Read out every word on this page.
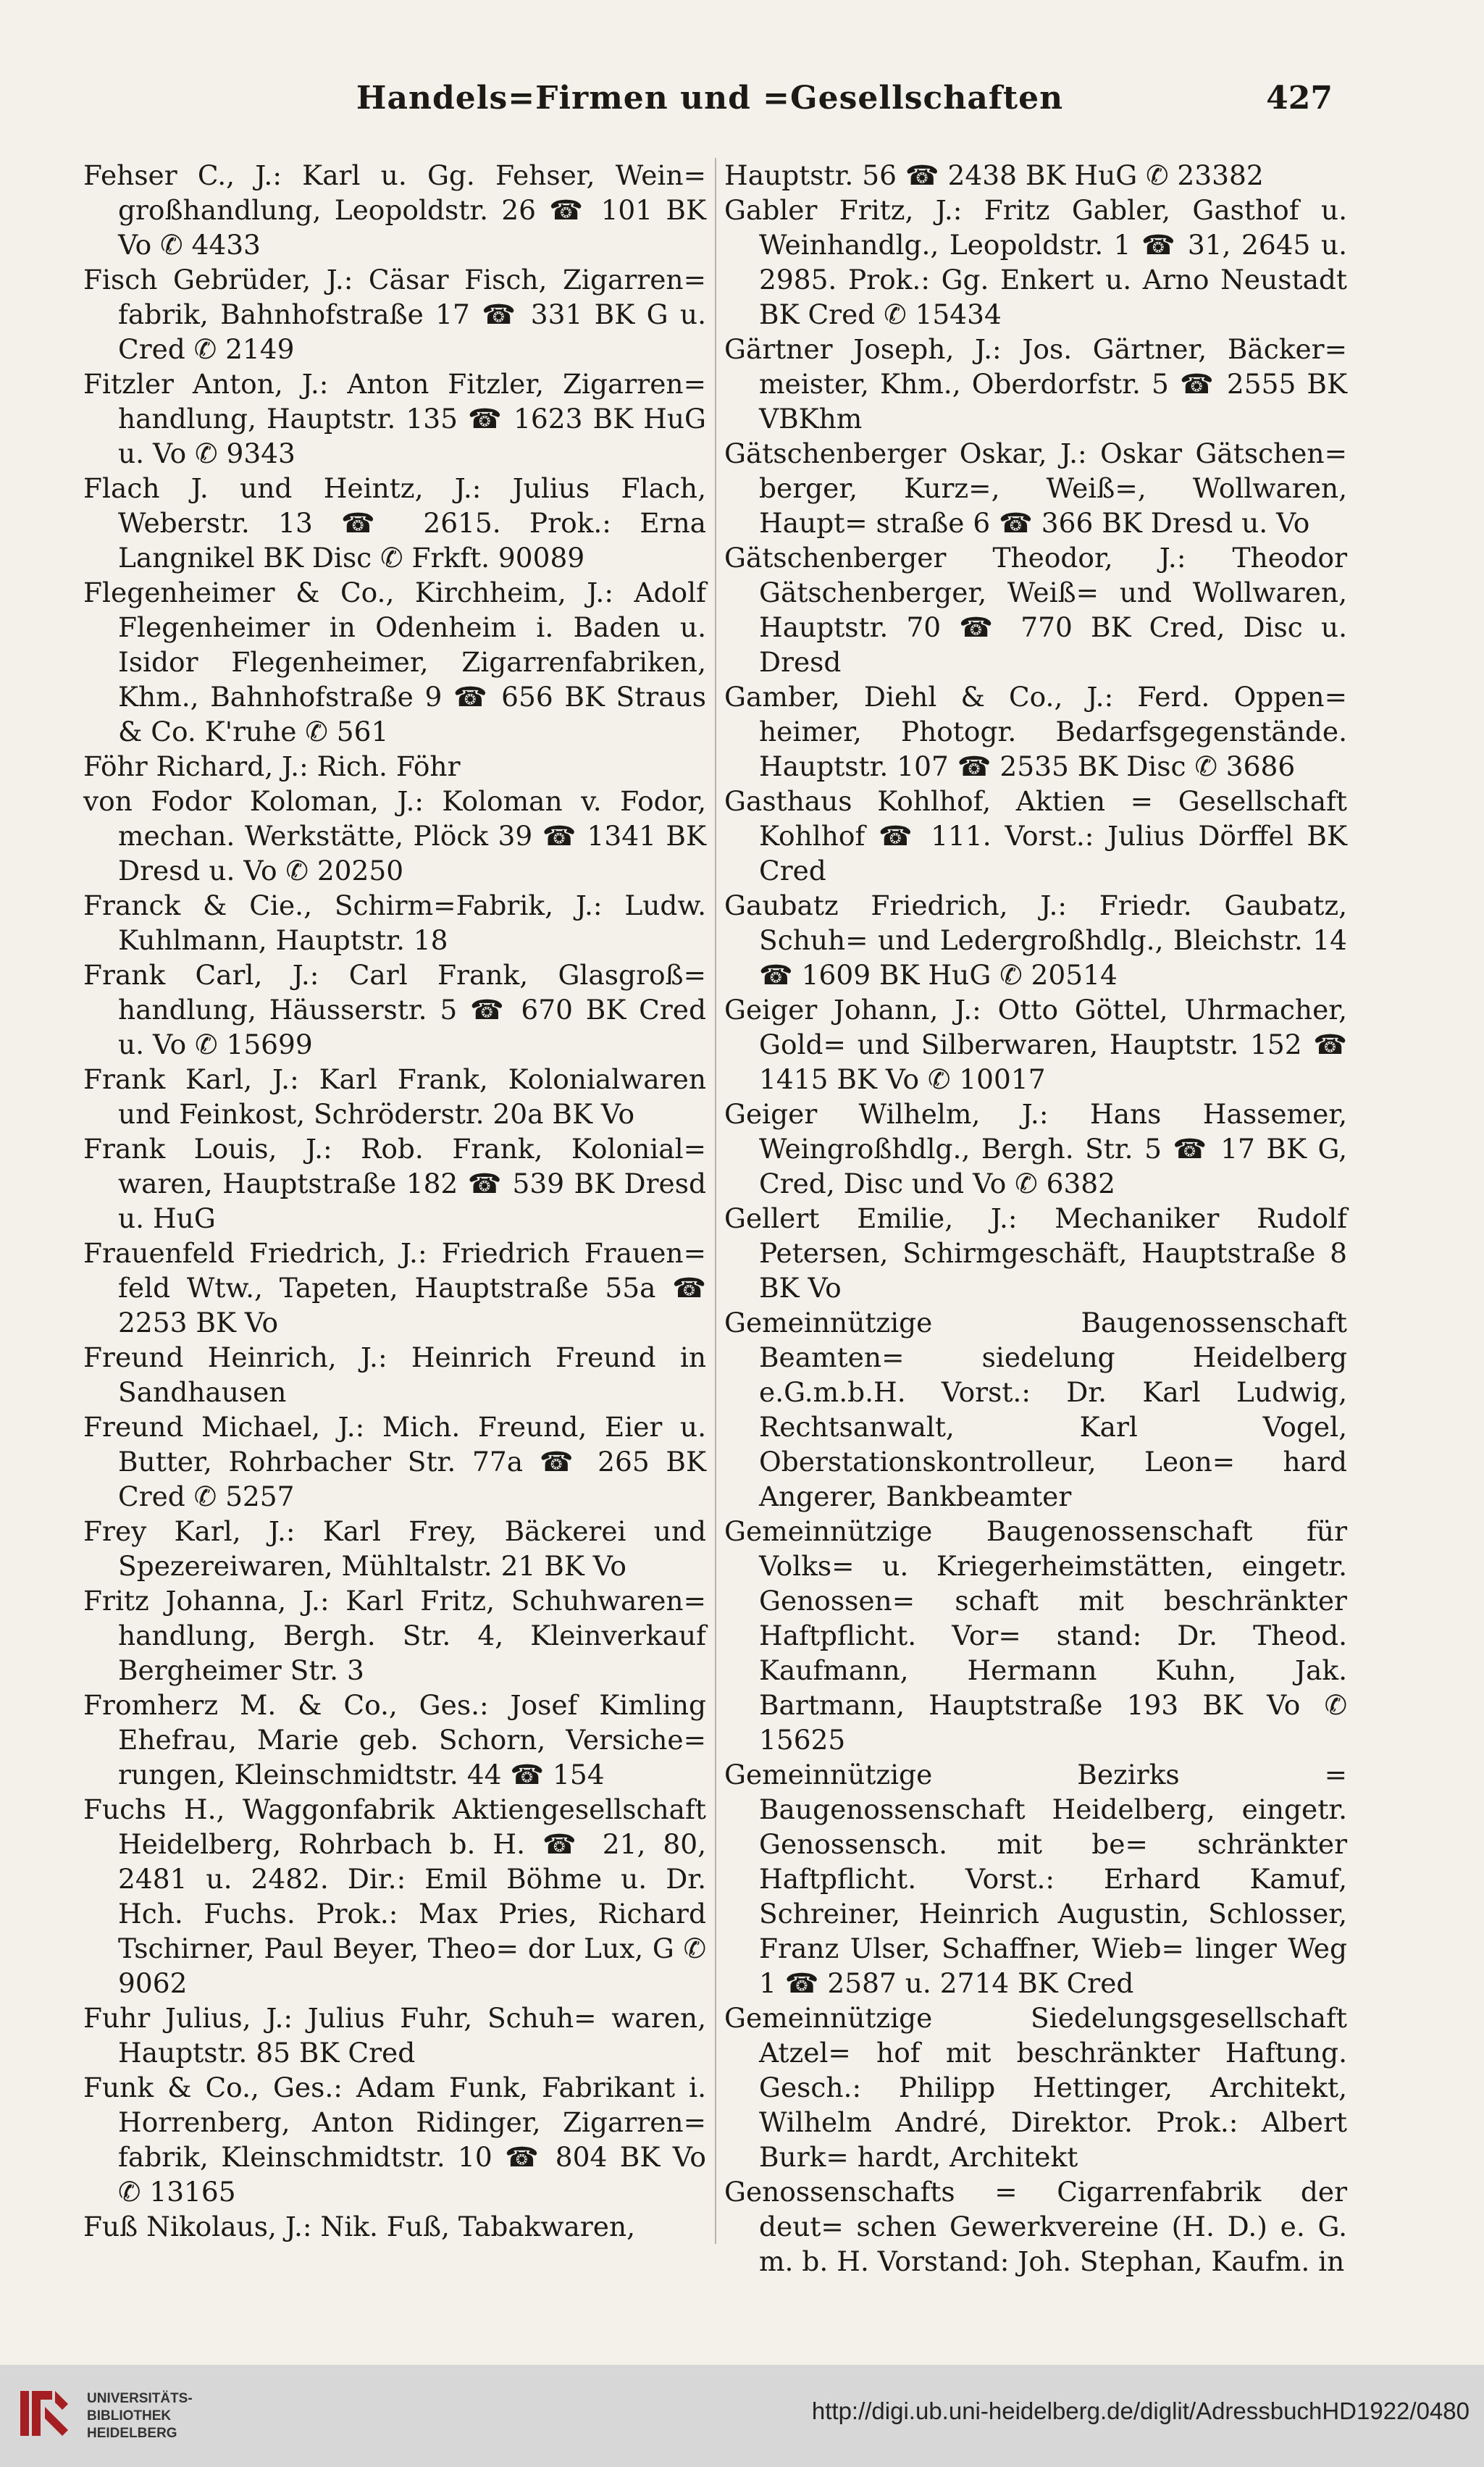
Handels=Firmen und =Gesellschaften	427

Fehser C., J.: Karl u. Gg. Fehser, Wein= großhandlung, Leopoldstr. 26 ☎ 101 BK Vo ✆ 4433

Fisch Gebrüder, J.: Cäsar Fisch, Zigarren= fabrik, Bahnhofstraße 17 ☎ 331 BK G u. Cred ✆ 2149

Fitzler Anton, J.: Anton Fitzler, Zigarren= handlung, Hauptstr. 135 ☎ 1623 BK HuG u. Vo ✆ 9343

Flach J. und Heintz, J.: Julius Flach, Weberstr. 13 ☎ 2615. Prok.: Erna Langnikel BK Disc ✆ Frkft. 90089

Flegenheimer & Co., Kirchheim, J.: Adolf Flegenheimer in Odenheim i. Baden u. Isidor Flegenheimer, Zigarrenfabriken, Khm., Bahnhofstraße 9 ☎ 656 BK Straus & Co. K'ruhe ✆ 561

Föhr Richard, J.: Rich. Föhr

von Fodor Koloman, J.: Koloman v. Fodor, mechan. Werkstätte, Plöck 39 ☎ 1341 BK Dresd u. Vo ✆ 20250

Franck & Cie., Schirm=Fabrik, J.: Ludw. Kuhlmann, Hauptstr. 18

Frank Carl, J.: Carl Frank, Glasgroß= handlung, Häusserstr. 5 ☎ 670 BK Cred u. Vo ✆ 15699

Frank Karl, J.: Karl Frank, Kolonialwaren und Feinkost, Schröderstr. 20a BK Vo

Frank Louis, J.: Rob. Frank, Kolonial= waren, Hauptstraße 182 ☎ 539 BK Dresd u. HuG

Frauenfeld Friedrich, J.: Friedrich Frauen= feld Wtw., Tapeten, Hauptstraße 55a ☎ 2253 BK Vo

Freund Heinrich, J.: Heinrich Freund in Sandhausen

Freund Michael, J.: Mich. Freund, Eier u. Butter, Rohrbacher Str. 77a ☎ 265 BK Cred ✆ 5257

Frey Karl, J.: Karl Frey, Bäckerei und Spezereiwaren, Mühltalstr. 21 BK Vo

Fritz Johanna, J.: Karl Fritz, Schuhwaren= handlung, Bergh. Str. 4, Kleinverkauf Bergheimer Str. 3

Fromherz M. & Co., Ges.: Josef Kimling Ehefrau, Marie geb. Schorn, Versiche= rungen, Kleinschmidtstr. 44 ☎ 154

Fuchs H., Waggonfabrik Aktiengesellschaft Heidelberg, Rohrbach b. H. ☎ 21, 80, 2481 u. 2482. Dir.: Emil Böhme u. Dr. Hch. Fuchs. Prok.: Max Pries, Richard Tschirner, Paul Beyer, Theo= dor Lux, G ✆ 9062

Fuhr Julius, J.: Julius Fuhr, Schuh= waren, Hauptstr. 85 BK Cred

Funk & Co., Ges.: Adam Funk, Fabrikant i. Horrenberg, Anton Ridinger, Zigarren= fabrik, Kleinschmidtstr. 10 ☎ 804 BK Vo ✆ 13165

Fuß Nikolaus, J.: Nik. Fuß, Tabakwaren,

Hauptstr. 56 ☎ 2438 BK HuG ✆ 23382

Gabler Fritz, J.: Fritz Gabler, Gasthof u. Weinhandlg., Leopoldstr. 1 ☎ 31, 2645 u. 2985. Prok.: Gg. Enkert u. Arno Neustadt BK Cred ✆ 15434

Gärtner Joseph, J.: Jos. Gärtner, Bäcker= meister, Khm., Oberdorfstr. 5 ☎ 2555 BK VBKhm

Gätschenberger Oskar, J.: Oskar Gätschen= berger, Kurz=, Weiß=, Wollwaren, Haupt= straße 6 ☎ 366 BK Dresd u. Vo

Gätschenberger Theodor, J.: Theodor Gätschenberger, Weiß= und Wollwaren, Hauptstr. 70 ☎ 770 BK Cred, Disc u. Dresd

Gamber, Diehl & Co., J.: Ferd. Oppen= heimer, Photogr. Bedarfsgegenstände. Hauptstr. 107 ☎ 2535 BK Disc ✆ 3686

Gasthaus Kohlhof, Aktien = Gesellschaft Kohlhof ☎ 111. Vorst.: Julius Dörffel BK Cred

Gaubatz Friedrich, J.: Friedr. Gaubatz, Schuh= und Ledergroßhdlg., Bleichstr. 14 ☎ 1609 BK HuG ✆ 20514

Geiger Johann, J.: Otto Göttel, Uhrmacher, Gold= und Silberwaren, Hauptstr. 152 ☎ 1415 BK Vo ✆ 10017

Geiger Wilhelm, J.: Hans Hassemer, Weingroßhdlg., Bergh. Str. 5 ☎ 17 BK G, Cred, Disc und Vo ✆ 6382

Gellert Emilie, J.: Mechaniker Rudolf Petersen, Schirmgeschäft, Hauptstraße 8 BK Vo

Gemeinnützige Baugenossenschaft Beamten= siedelung Heidelberg e.G.m.b.H. Vorst.: Dr. Karl Ludwig, Rechtsanwalt, Karl Vogel, Oberstationskontrolleur, Leon= hard Angerer, Bankbeamter

Gemeinnützige Baugenossenschaft für Volks= u. Kriegerheimstätten, eingetr. Genossen= schaft mit beschränkter Haftpflicht. Vor= stand: Dr. Theod. Kaufmann, Hermann Kuhn, Jak. Bartmann, Hauptstraße 193 BK Vo ✆ 15625

Gemeinnützige Bezirks = Baugenossenschaft Heidelberg, eingetr. Genossensch. mit be= schränkter Haftpflicht. Vorst.: Erhard Kamuf, Schreiner, Heinrich Augustin, Schlosser, Franz Ulser, Schaffner, Wieb= linger Weg 1 ☎ 2587 u. 2714 BK Cred

Gemeinnützige Siedelungsgesellschaft Atzel= hof mit beschränkter Haftung. Gesch.: Philipp Hettinger, Architekt, Wilhelm André, Direktor. Prok.: Albert Burk= hardt, Architekt

Genossenschafts = Cigarrenfabrik der deut= schen Gewerkvereine (H. D.) e. G. m. b. H. Vorstand: Joh. Stephan, Kaufm. in

UNIVERSITÄTS-
BIBLIOTHEK
HEIDELBERG
http://digi.ub.uni-heidelberg.de/diglit/AdressbuchHD1922/0480
